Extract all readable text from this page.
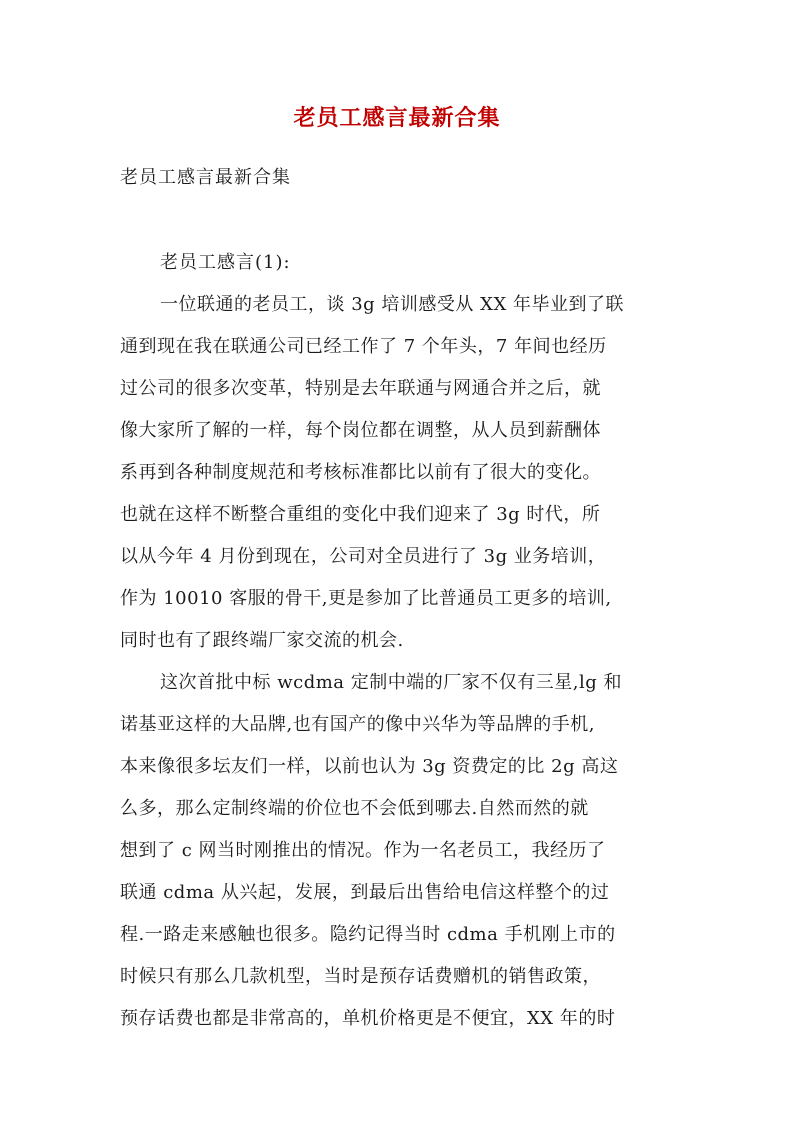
老员工感言最新合集
老员工感言最新合集
老员工感言(1):
一位联通的老员工，谈 3g 培训感受从 XX 年毕业到了联
通到现在我在联通公司已经工作了 7 个年头，7 年间也经历
过公司的很多次变革，特别是去年联通与网通合并之后，就
像大家所了解的一样，每个岗位都在调整，从人员到薪酬体
系再到各种制度规范和考核标准都比以前有了很大的变化。
也就在这样不断整合重组的变化中我们迎来了 3g 时代，所
以从今年 4 月份到现在，公司对全员进行了 3g 业务培训，
作为 10010 客服的骨干,更是参加了比普通员工更多的培训,
同时也有了跟终端厂家交流的机会.
这次首批中标 wcdma 定制中端的厂家不仅有三星,lg 和
诺基亚这样的大品牌,也有国产的像中兴华为等品牌的手机,
本来像很多坛友们一样，以前也认为 3g 资费定的比 2g 高这
么多，那么定制终端的价位也不会低到哪去.自然而然的就
想到了 c 网当时刚推出的情况。作为一名老员工，我经历了
联通 cdma 从兴起，发展，到最后出售给电信这样整个的过
程.一路走来感触也很多。隐约记得当时 cdma 手机刚上市的
时候只有那么几款机型，当时是预存话费赠机的销售政策，
预存话费也都是非常高的，单机价格更是不便宜，XX 年的时
